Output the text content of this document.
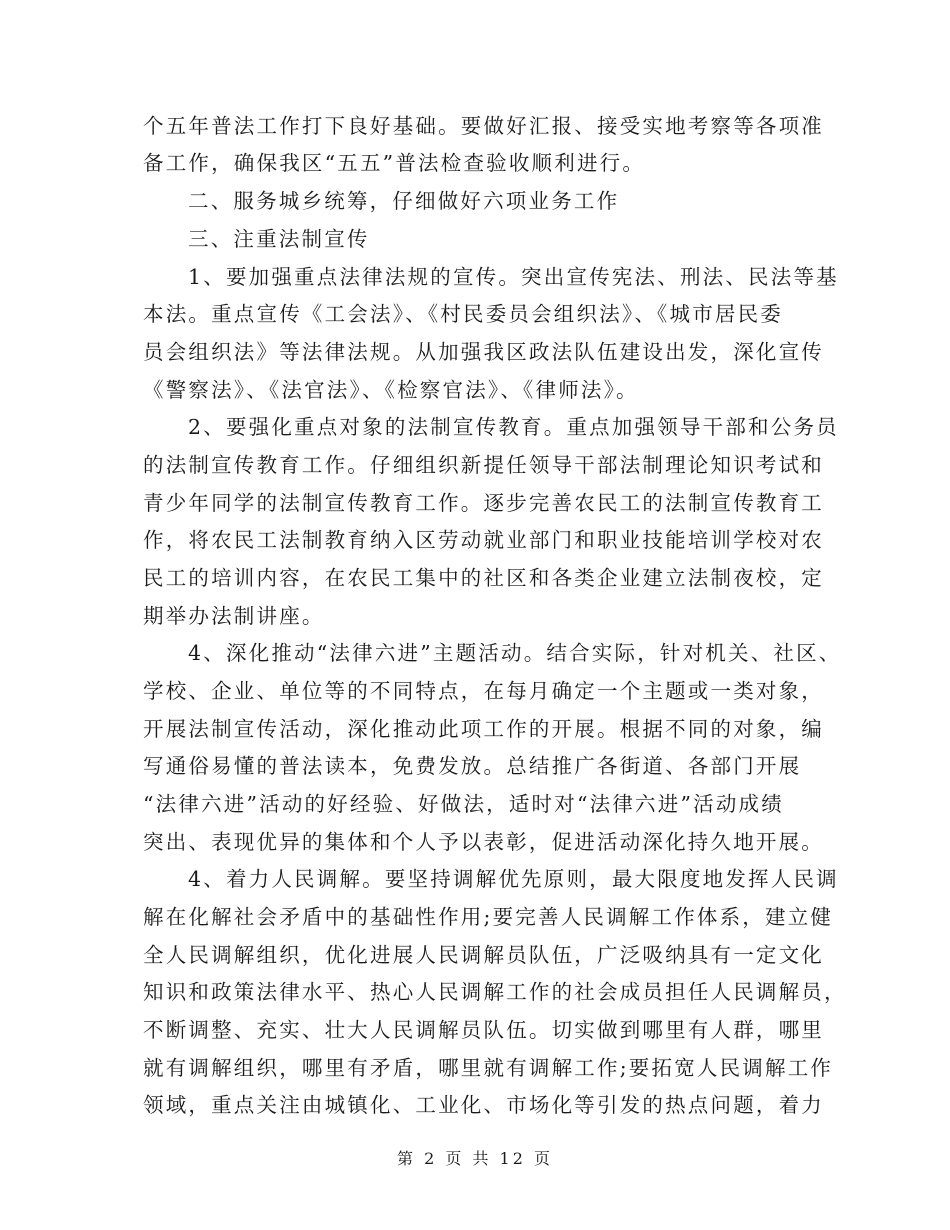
个五年普法工作打下良好基础。要做好汇报、接受实地考察等各项准
备工作，确保我区“五五”普法检查验收顺利进行。
二、服务城乡统筹，仔细做好六项业务工作
三、注重法制宣传
1、要加强重点法律法规的宣传。突出宣传宪法、刑法、民法等基
本法。重点宣传《工会法》、《村民委员会组织法》、《城市居民委
员会组织法》等法律法规。从加强我区政法队伍建设出发，深化宣传
《警察法》、《法官法》、《检察官法》、《律师法》。
2、要强化重点对象的法制宣传教育。重点加强领导干部和公务员
的法制宣传教育工作。仔细组织新提任领导干部法制理论知识考试和
青少年同学的法制宣传教育工作。逐步完善农民工的法制宣传教育工
作，将农民工法制教育纳入区劳动就业部门和职业技能培训学校对农
民工的培训内容，在农民工集中的社区和各类企业建立法制夜校，定
期举办法制讲座。
4、深化推动“法律六进”主题活动。结合实际，针对机关、社区、
学校、企业、单位等的不同特点，在每月确定一个主题或一类对象，
开展法制宣传活动，深化推动此项工作的开展。根据不同的对象，编
写通俗易懂的普法读本，免费发放。总结推广各街道、各部门开展
“法律六进”活动的好经验、好做法，适时对“法律六进”活动成绩
突出、表现优异的集体和个人予以表彰，促进活动深化持久地开展。
4、着力人民调解。要坚持调解优先原则，最大限度地发挥人民调
解在化解社会矛盾中的基础性作用;要完善人民调解工作体系，建立健
全人民调解组织，优化进展人民调解员队伍，广泛吸纳具有一定文化
知识和政策法律水平、热心人民调解工作的社会成员担任人民调解员，
不断调整、充实、壮大人民调解员队伍。切实做到哪里有人群，哪里
就有调解组织，哪里有矛盾，哪里就有调解工作;要拓宽人民调解工作
领域，重点关注由城镇化、工业化、市场化等引发的热点问题，着力
第 2 页 共 12 页
